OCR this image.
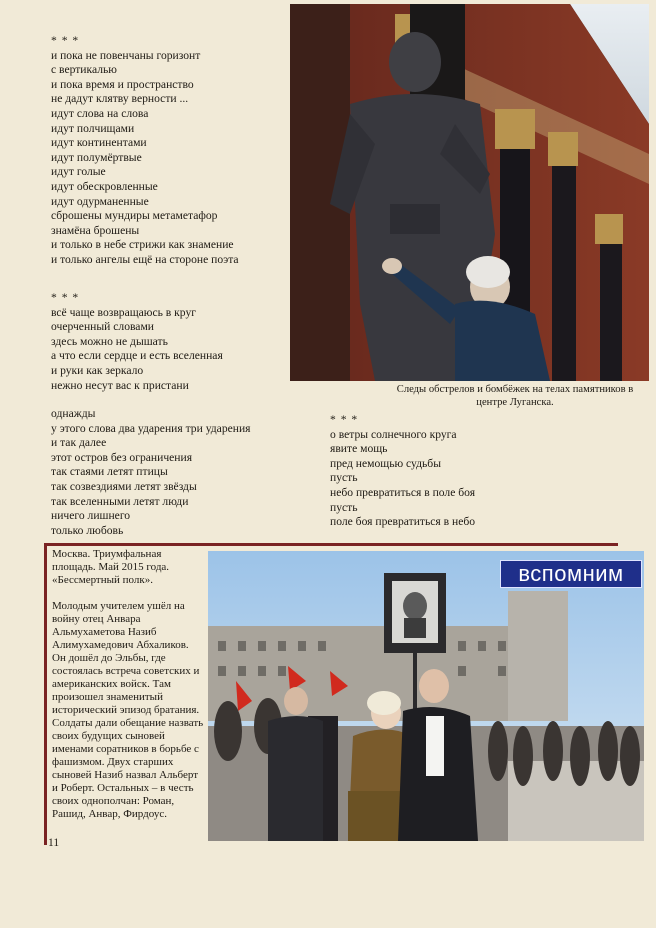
* * *
и пока не повенчаны горизонт
с вертикалью
и пока время и пространство
не дадут клятву верности ...
идут слова на слова
идут полчищами
идут континентами
идут полумёртвые
идут голые
идут обескровленные
идут одурманенные
сброшены мундиры метаметафор
знамёна брошены
и только в небе стрижи как знамение
и только ангелы ещё на стороне поэта
* * *
всё чаще возвращаюсь в круг
очерченный словами
здесь можно не дышать
а что если сердце и есть вселенная
и руки как зеркало
нежно несут вас к пристани
однажды
у этого слова два ударения три ударения
и так далее
этот остров без ограничения
так стаями летят птицы
так созвездиями летят звёзды
так вселенными летят люди
ничего лишнего
только любовь
* * *
о ветры солнечного круга
явите мощь
пред немощью судьбы
пусть
небо превратиться в поле боя
пусть
поле боя превратиться в небо
Следы обстрелов и бомбёжек на телах памятников в центре Луганска.

Москва. Триумфальная площадь. Май 2015 года. «Бессмертный полк».

Молодым учителем ушёл на войну отец Анвара Альмухаметова Назиб Алимухамедович Абхаликов. Он дошёл до Эльбы, где состоялась встреча советских и американских войск. Там произошел знаменитый исторический эпизод братания. Солдаты дали обещание назвать своих будущих сыновей именами соратников в борьбе с фашизмом. Двух старших сыновей Назиб назвал Альберт и Роберт. Остальных – в честь своих однополчан: Роман, Рашид, Анвар, Фирдоус.

вспомним
11
